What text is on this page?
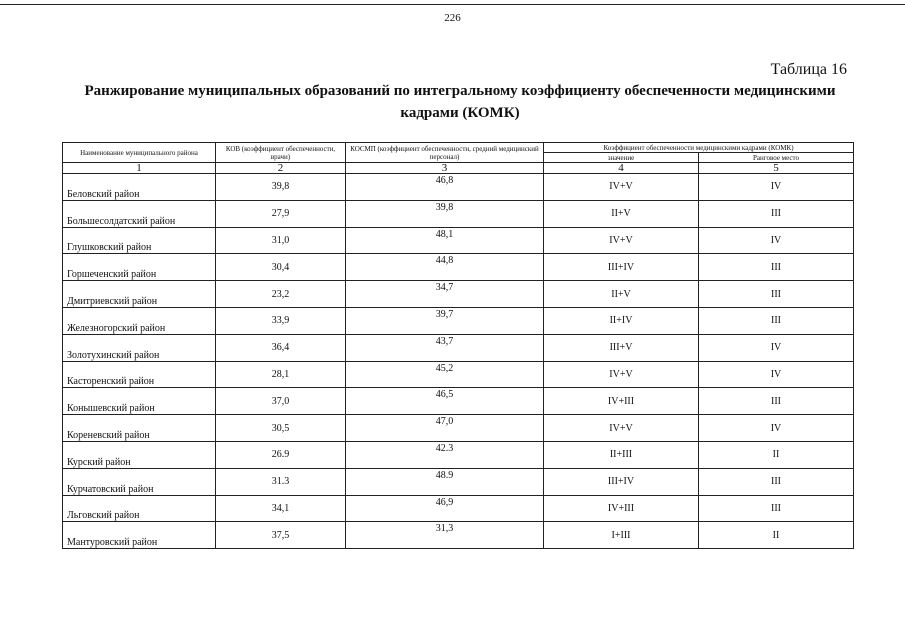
226
Таблица 16
Ранжирование муниципальных образований по интегральному коэффициенту обеспеченности медицинскими кадрами (КОМК)
Наименование муниципального района	КОВ (коэффициент обеспеченности, врачи)	КОСМП (коэффициент обеспеченности, средний медицинский персонал)	Коэффициент обеспеченности медицинскими кадрами (КОМК)	
			значение	Ранговое место
1	2	3	4	5
Беловский район	39,8	46,8	IV+V	IV
Большесолдатский район	27,9	39,8	II+V	III
Глушковский район	31,0	48,1	IV+V	IV
Горшеченский район	30,4	44,8	III+IV	III
Дмитриевский район	23,2	34,7	II+V	III
Железногорский район	33,9	39,7	II+IV	III
Золотухинский район	36,4	43,7	III+V	IV
Касторенский район	28,1	45,2	IV+V	IV
Конышевский район	37,0	46,5	IV+III	III
Кореневский район	30,5	47,0	IV+V	IV
Курский район	26.9	42.3	II+III	II
Курчатовский район	31.3	48.9	III+IV	III
Льговский район	34,1	46,9	IV+III	III
Мантуровский район	37,5	31,3	I+III	II
